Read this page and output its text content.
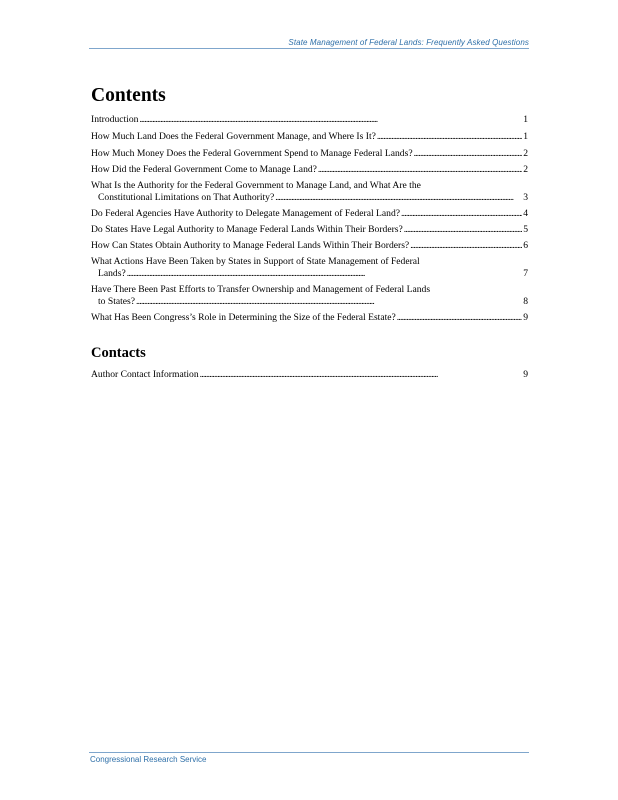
State Management of Federal Lands: Frequently Asked Questions
Contents
Introduction . . .	1
How Much Land Does the Federal Government Manage, and Where Is It? . . .	1
How Much Money Does the Federal Government Spend to Manage Federal Lands? . . .	2
How Did the Federal Government Come to Manage Land? . . .	2
What Is the Authority for the Federal Government to Manage Land, and What Are the
Constitutional Limitations on That Authority? . . .	3
Do Federal Agencies Have Authority to Delegate Management of Federal Land? . . .	4
Do States Have Legal Authority to Manage Federal Lands Within Their Borders? . . .	5
How Can States Obtain Authority to Manage Federal Lands Within Their Borders? . . .	6
What Actions Have Been Taken by States in Support of State Management of Federal
Lands? . . .	7
Have There Been Past Efforts to Transfer Ownership and Management of Federal Lands
to States? . . .	8
What Has Been Congress’s Role in Determining the Size of the Federal Estate? . . .	9
Contacts
Author Contact Information . . .	9
Congressional Research Service
